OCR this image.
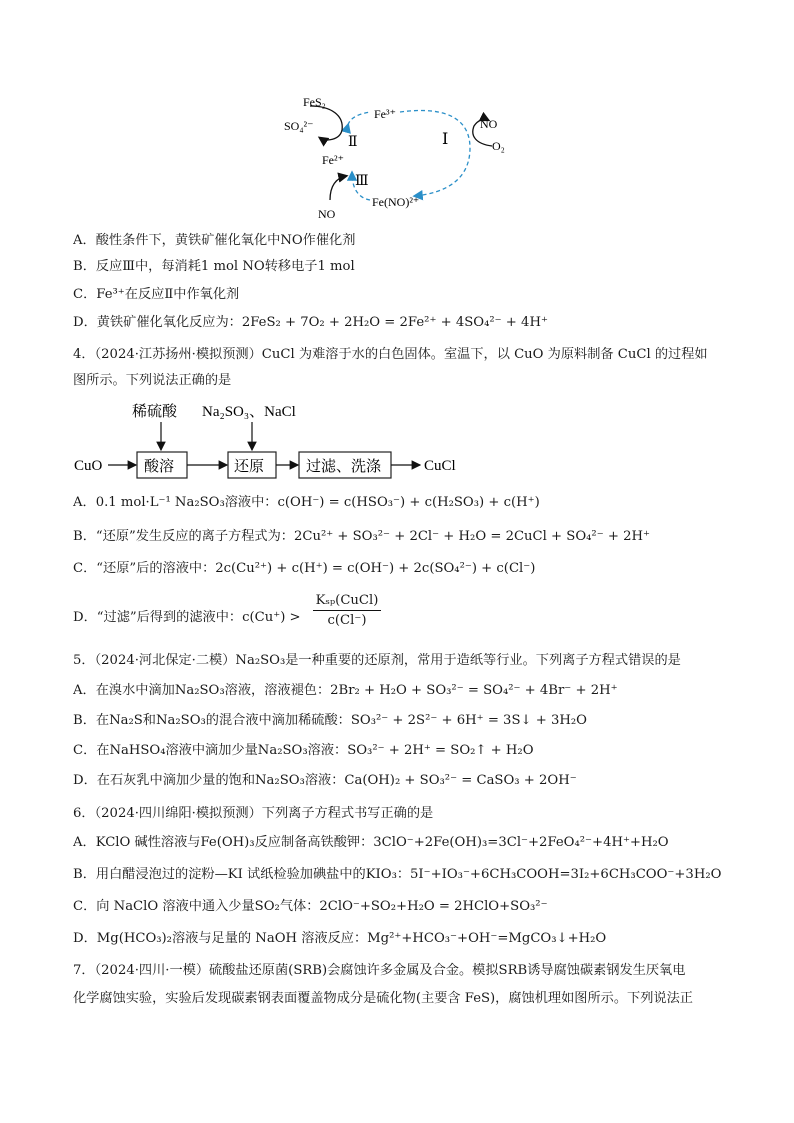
FeS₂
SO₄²⁻
Fe³⁺
Ⅱ	Ⅰ
NO
O₂
Fe²⁺
Ⅲ
Fe(NO)²⁺
NO
A．酸性条件下，黄铁矿催化氧化中NO作催化剂
B．反应Ⅲ中，每消耗1 mol NO转移电子1 mol
C．Fe³⁺在反应Ⅱ中作氧化剂
D．黄铁矿催化氧化反应为：2FeS₂ + 7O₂ + 2H₂O = 2Fe²⁺ + 4SO₄²⁻ + 4H⁺
4．（2024·江苏扬州·模拟预测）CuCl 为难溶于水的白色固体。室温下，以 CuO 为原料制备 CuCl 的过程如
图所示。下列说法正确的是
稀硫酸 Na₂SO₃、NaCl
CuO	酸溶	还原	过滤、洗涤	CuCl
A．0.1 mol·L⁻¹ Na₂SO₃溶液中：c(OH⁻) = c(HSO₃⁻) + c(H₂SO₃) + c(H⁺)
B．“还原”发生反应的离子方程式为：2Cu²⁺ + SO₃²⁻ + 2Cl⁻ + H₂O = 2CuCl + SO₄²⁻ + 2H⁺
C．“还原”后的溶液中：2c(Cu²⁺) + c(H⁺) = c(OH⁻) + 2c(SO₄²⁻) + c(Cl⁻)
D．“过滤”后得到的滤液中：c(Cu⁺) >
Kₛₚ(CuCl)
c(Cl⁻)
5．（2024·河北保定·二模）Na₂SO₃是一种重要的还原剂，常用于造纸等行业。下列离子方程式错误的是
A．在溴水中滴加Na₂SO₃溶液，溶液褪色：2Br₂ + H₂O + SO₃²⁻ = SO₄²⁻ + 4Br⁻ + 2H⁺
B．在Na₂S和Na₂SO₃的混合液中滴加稀硫酸：SO₃²⁻ + 2S²⁻ + 6H⁺ = 3S↓ + 3H₂O
C．在NaHSO₄溶液中滴加少量Na₂SO₃溶液：SO₃²⁻ + 2H⁺ = SO₂↑ + H₂O
D．在石灰乳中滴加少量的饱和Na₂SO₃溶液：Ca(OH)₂ + SO₃²⁻ = CaSO₃ + 2OH⁻
6．（2024·四川绵阳·模拟预测）下列离子方程式书写正确的是
A．KClO 碱性溶液与Fe(OH)₃反应制备高铁酸钾：3ClO⁻+2Fe(OH)₃=3Cl⁻+2FeO₄²⁻+4H⁺+H₂O
B．用白醋浸泡过的淀粉—KI 试纸检验加碘盐中的KIO₃：5I⁻+IO₃⁻+6CH₃COOH=3I₂+6CH₃COO⁻+3H₂O
C．向 NaClO 溶液中通入少量SO₂气体：2ClO⁻+SO₂+H₂O = 2HClO+SO₃²⁻
D．Mg(HCO₃)₂溶液与足量的 NaOH 溶液反应：Mg²⁺+HCO₃⁻+OH⁻=MgCO₃↓+H₂O
7．（2024·四川·一模）硫酸盐还原菌(SRB)会腐蚀许多金属及合金。模拟SRB诱导腐蚀碳素钢发生厌氧电
化学腐蚀实验，实验后发现碳素钢表面覆盖物成分是硫化物(主要含 FeS)，腐蚀机理如图所示。下列说法正
